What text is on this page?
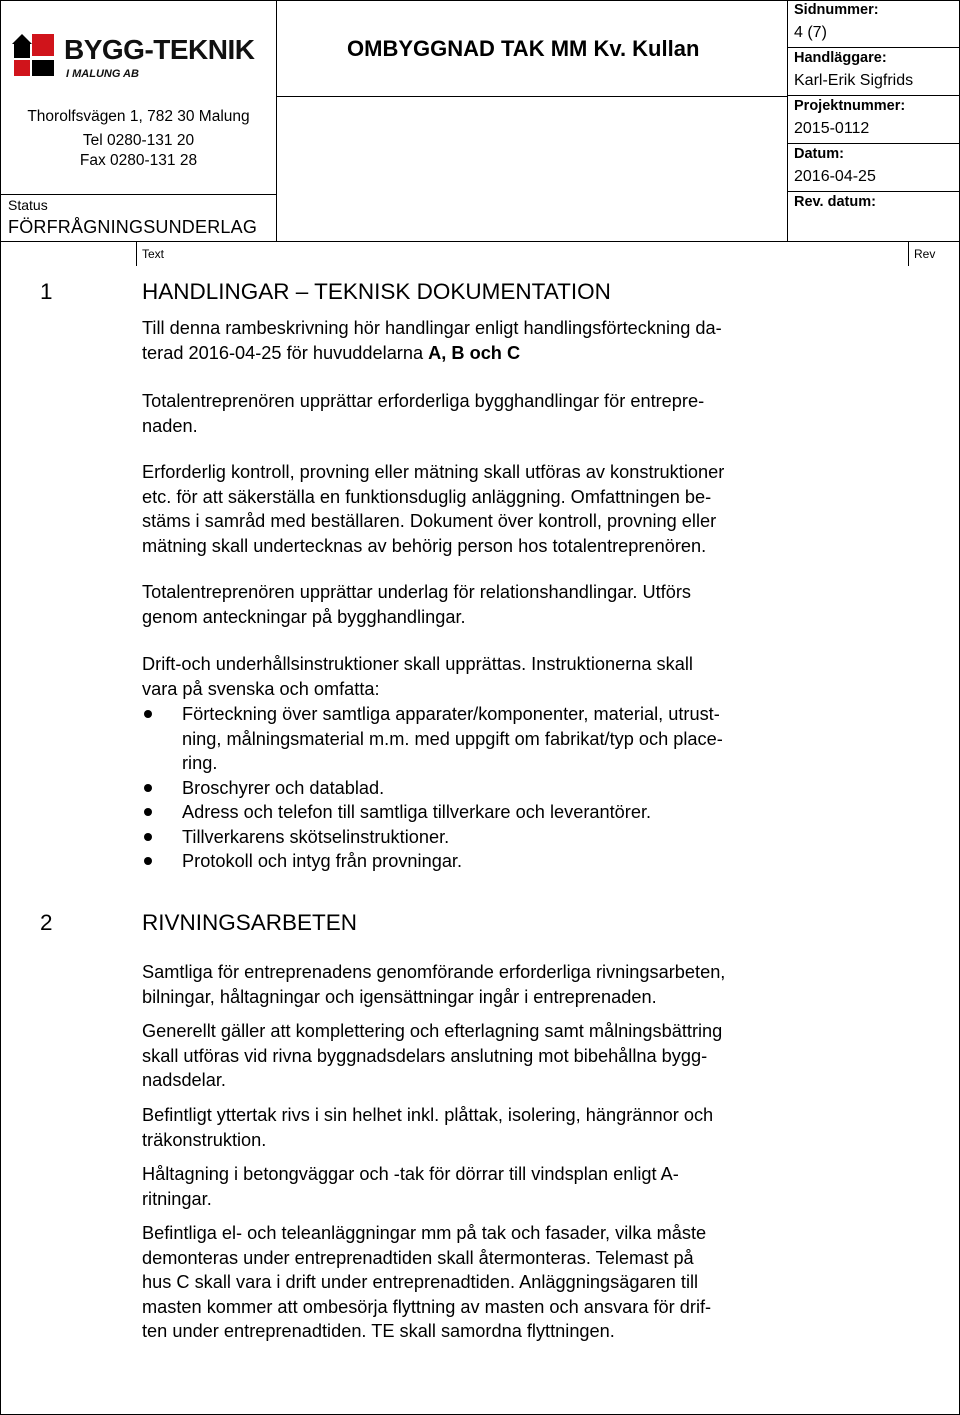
BYGG-TEKNIK
I MALUNG AB
Thorolfsvägen 1, 782 30 Malung
Tel 0280-131 20
Fax 0280-131 28
Status
FÖRFRÅGNINGSUNDERLAG
OMBYGGNAD TAK MM Kv. Kullan
Sidnummer:
4 (7)
Handläggare:
Karl-Erik Sigfrids
Projektnummer:
2015-0112
Datum:
2016-04-25
Rev. datum:
Text	Rev
1	HANDLINGAR – TEKNISK DOKUMENTATION
Till denna rambeskrivning hör handlingar enligt handlingsförteckning da-
terad 2016-04-25 för huvuddelarna A, B och C
Totalentreprenören upprättar erforderliga bygghandlingar för entrepre-
naden.
Erforderlig kontroll, provning eller mätning skall utföras av konstruktioner
etc. för att säkerställa en funktionsduglig anläggning. Omfattningen be-
stäms i samråd med beställaren. Dokument över kontroll, provning eller
mätning skall undertecknas av behörig person hos totalentreprenören.
Totalentreprenören upprättar underlag för relationshandlingar. Utförs
genom anteckningar på bygghandlingar.
Drift-och underhållsinstruktioner skall upprättas. Instruktionerna skall
vara på svenska och omfatta:
Förteckning över samtliga apparater/komponenter, material, utrust-
ning, målningsmaterial m.m. med uppgift om fabrikat/typ och place-
ring.
Broschyrer och datablad.
Adress och telefon till samtliga tillverkare och leverantörer.
Tillverkarens skötselinstruktioner.
Protokoll och intyg från provningar.
2	RIVNINGSARBETEN
Samtliga för entreprenadens genomförande erforderliga rivningsarbeten,
bilningar, håltagningar och igensättningar ingår i entreprenaden.
Generellt gäller att komplettering och efterlagning samt målningsbättring
skall utföras vid rivna byggnadsdelars anslutning mot bibehållna bygg-
nadsdelar.
Befintligt yttertak rivs i sin helhet inkl. plåttak, isolering, hängrännor och
träkonstruktion.
Håltagning i betongväggar och -tak för dörrar till vindsplan enligt A-
ritningar.
Befintliga el- och teleanläggningar mm på tak och fasader, vilka måste
demonteras under entreprenadtiden skall återmonteras. Telemast på
hus C skall vara i drift under entreprenadtiden. Anläggningsägaren till
masten kommer att ombesörja flyttning av masten och ansvara för drif-
ten under entreprenadtiden. TE skall samordna flyttningen.
